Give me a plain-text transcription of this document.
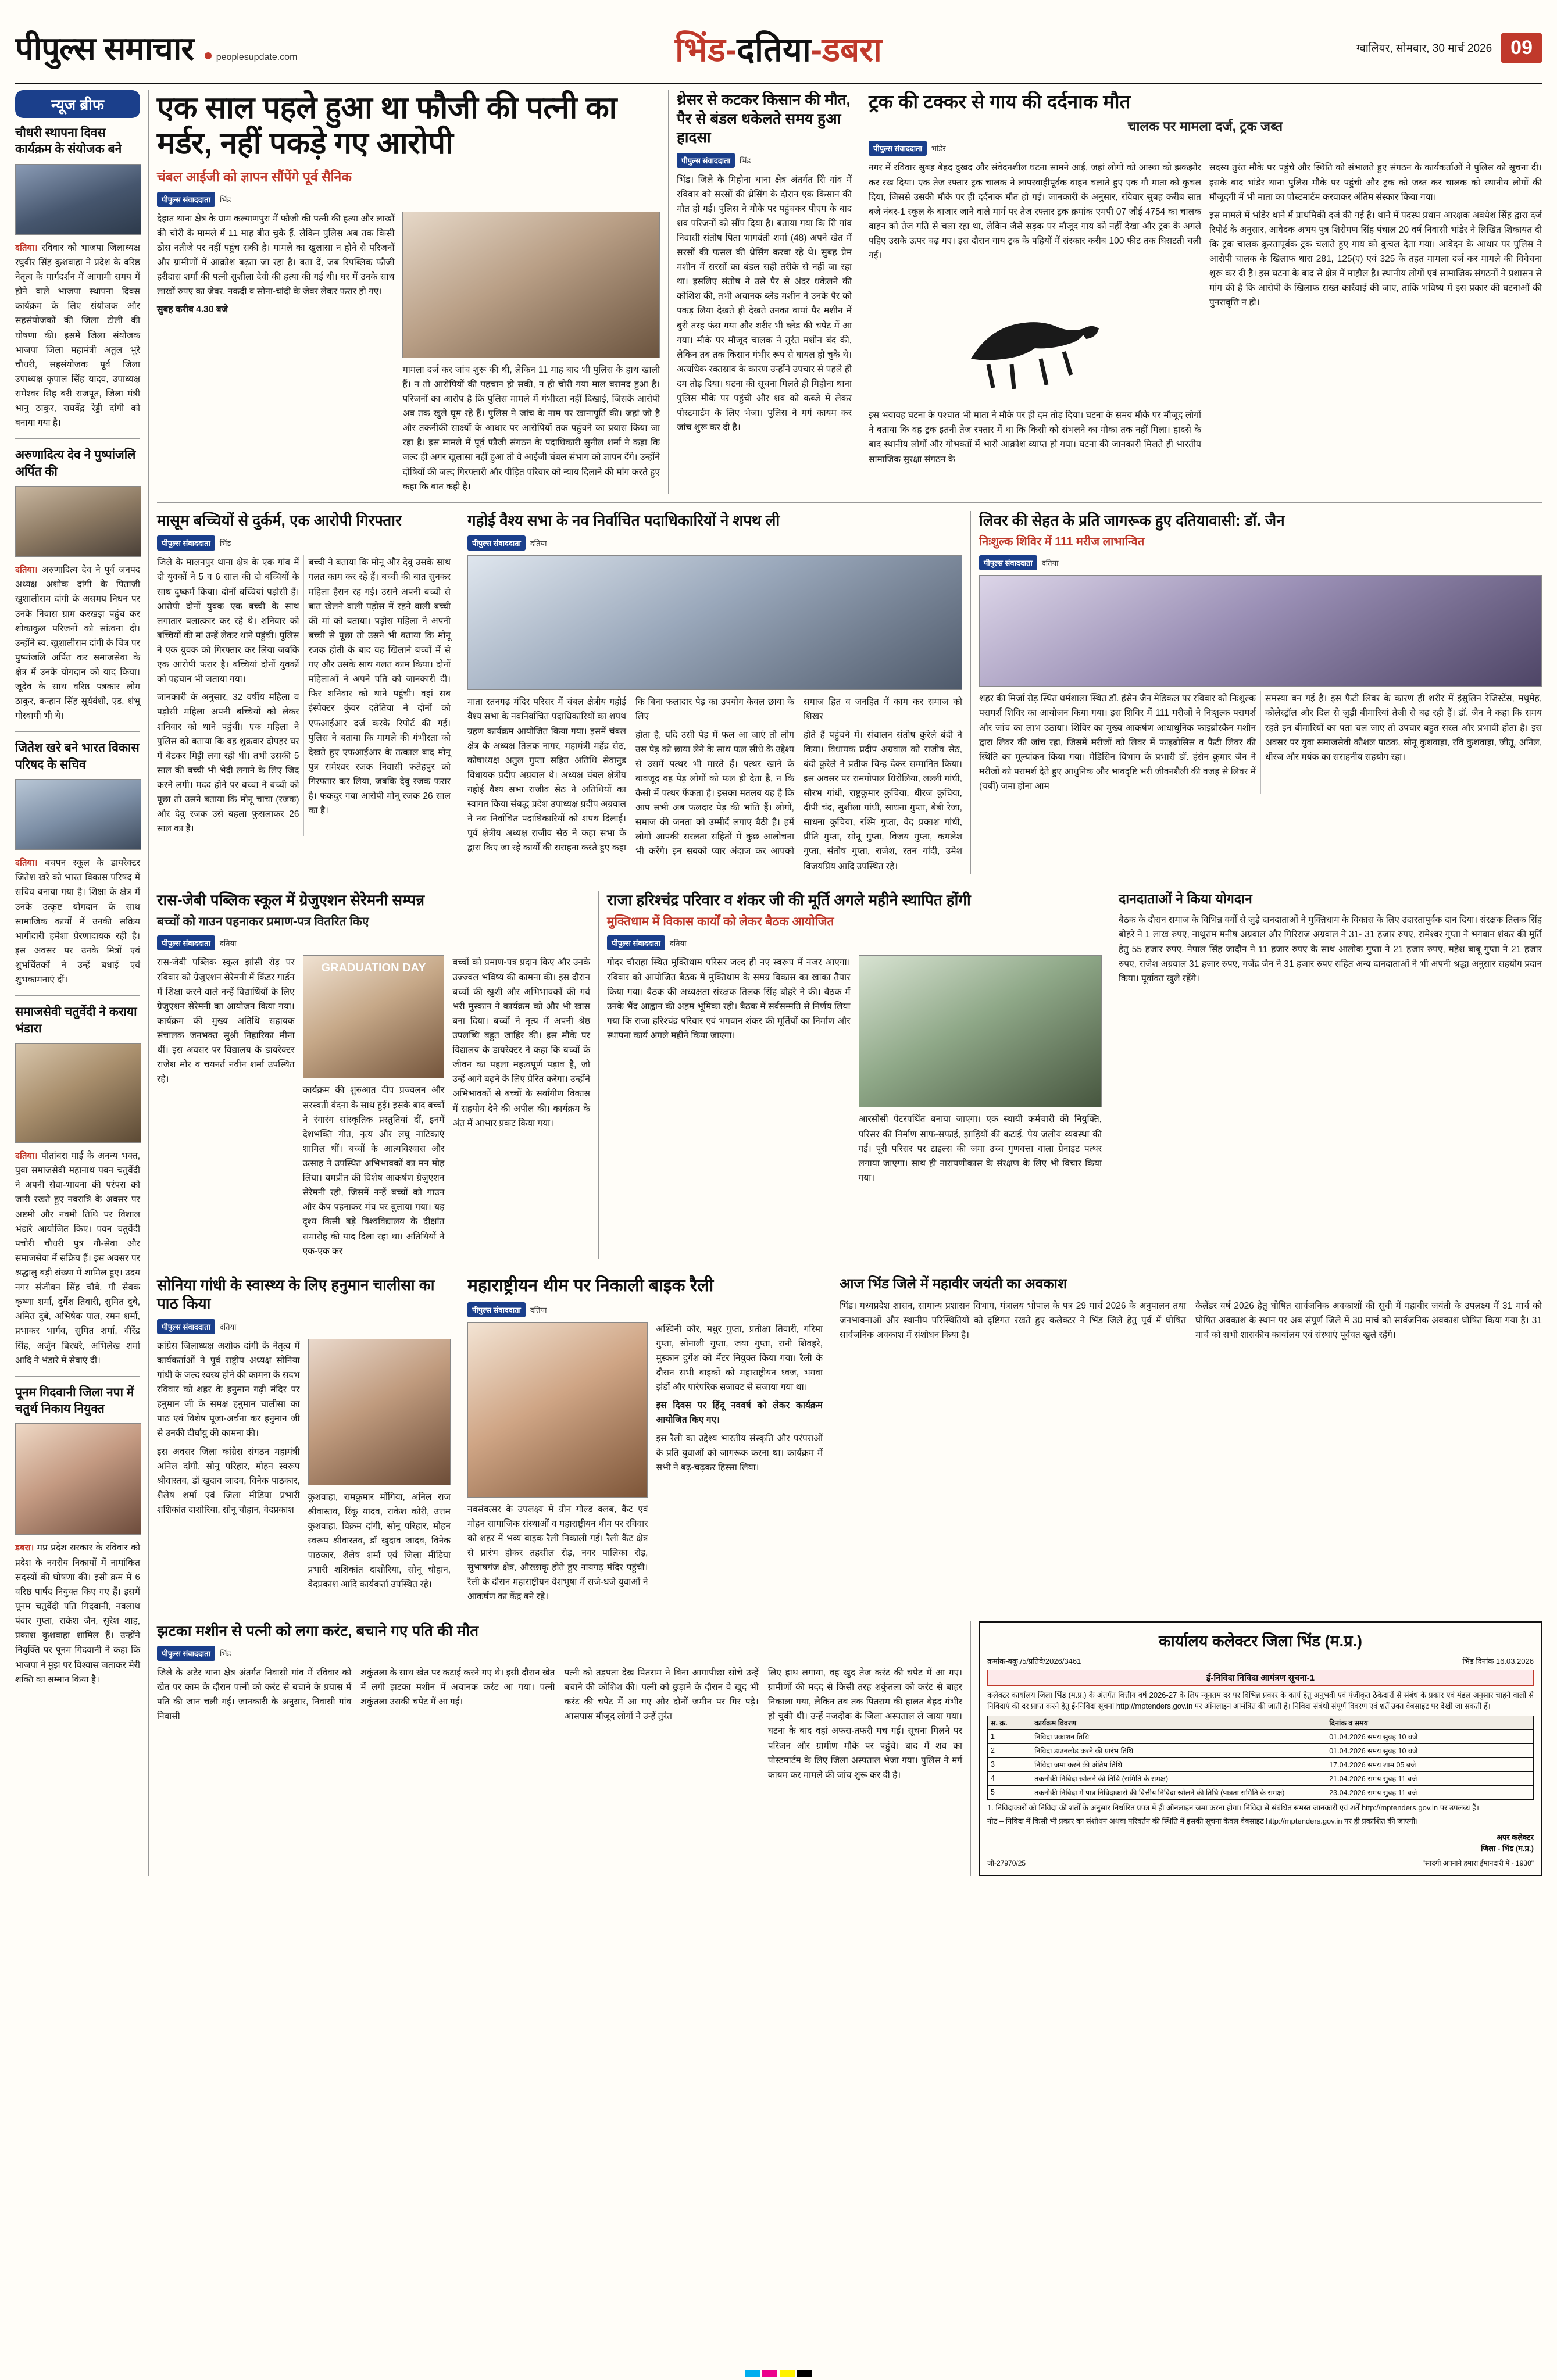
पीपुल्स समाचार peoplesupdate.com	भिंड-दतिया-डबरा	ग्वालियर, सोमवार, 30 मार्च 2026 09
न्यूज ब्रीफ
चौधरी स्थापना दिवस कार्यक्रम के संयोजक बने
दतिया। रविवार को भाजपा जिलाध्यक्ष रघुवीर सिंह कुशवाहा ने प्रदेश के वरिष्ठ नेतृत्व के मार्गदर्शन में आगामी समय में होने वाले भाजपा स्थापना दिवस कार्यक्रम के लिए संयोजक और सहसंयोजकों की जिला टोली की घोषणा की। इसमें जिला संयोजक भाजपा जिला महामंत्री अतुल भूरे चौधरी, सहसंयोजक पूर्व जिला उपाध्यक्ष कृपाल सिंह यादव, उपाध्यक्ष रामेश्वर सिंह बरी राजपूत, जिला मंत्री भानु ठाकुर, राघवेंद्र रेड्डी दांगी को बनाया गया है।
अरुणादित्य देव ने पुष्पांजलि अर्पित की
दतिया। अरुणादित्य देव ने पूर्व जनपद अध्यक्ष अशोक दांगी के पिताजी खुशालीराम दांगी के असमय निधन पर उनके निवास ग्राम करखइा पहुंच कर शोकाकुल परिजनों को सांत्वना दी। उन्होंने स्व. खुशालीराम दांगी के चित्र पर पुष्पांजलि अर्पित कर समाजसेवा के क्षेत्र में उनके योगदान को याद किया। जूदेव के साथ वरिष्ठ पत्रकार लोग ठाकुर, कन्हान सिंह सूर्यवंशी, एड. शंभू गोस्वामी भी थे।
जितेश खरे बने भारत विकास परिषद के सचिव
दतिया। बचपन स्कूल के डायरेक्टर जितेश खरे को भारत विकास परिषद में सचिव बनाया गया है। शिक्षा के क्षेत्र में उनके उत्कृष्ट योगदान के साथ सामाजिक कार्यों में उनकी सक्रिय भागीदारी हमेशा प्रेरणादायक रही है। इस अवसर पर उनके मित्रों एवं शुभचिंतकों ने उन्हें बधाई एवं शुभकामनाएं दीं।
समाजसेवी चतुर्वेदी ने कराया भंडारा
दतिया। पीतांबरा माई के अनन्य भक्त, युवा समाजसेवी महानाथ पवन चतुर्वेदी ने अपनी सेवा-भावना की परंपरा को जारी रखते हुए नवरात्रि के अवसर पर अष्टमी और नवमी तिथि पर विशाल भंडारे आयोजित किए। पवन चतुर्वेदी पचोरी चौधरी पुत्र गौ-सेवा और समाजसेवा में सक्रिय हैं। इस अवसर पर श्रद्धालु बड़ी संख्या में शामिल हुए। उदय नगर संजीवन सिंह चौबे, गौ सेवक कृष्णा शर्मा, दुर्गेश तिवारी, सुमित दुबे, अमित दुबे, अभिषेक पाल, रमन शर्मा, प्रभाकर भार्गव, सुमित शर्मा, वीरेंद्र सिंह, अर्जुन बिरथरे, अभिलेख शर्मा आदि ने भंडारे में सेवाएं दीं।
पूनम गिदवानी जिला नपा में चतुर्थ निकाय नियुक्त
डबरा। मप्र प्रदेश सरकार के रविवार को प्रदेश के नगरीय निकायों में नामांकित सदस्यों की घोषणा की। इसी क्रम में 6 वरिष्ठ पार्षद नियुक्त किए गए हैं। इसमें पूनम चतुर्वेदी पति गिदवानी, नवलाथ पंवार गुप्ता, राकेश जैन, सुरेश शाह, प्रकाश कुशवाहा शामिल हैं। उन्होंने नियुक्ति पर पूनम गिदवानी ने कहा कि भाजपा ने मुझ पर विश्वास जताकर मेरी शक्ति का सम्मान किया है।
एक साल पहले हुआ था फौजी की पत्नी का मर्डर, नहीं पकड़े गए आरोपी
चंबल आईजी को ज्ञापन सौंपेंगे पूर्व सैनिक
पीपुल्स संवाददाता	भिंड
देहात थाना क्षेत्र के ग्राम कल्याणपुरा में फौजी की पत्नी की हत्या और लाखों की चोरी के मामले में 11 माह बीत चुके हैं, लेकिन पुलिस अब तक किसी ठोस नतीजे पर नहीं पहुंच सकी है। मामले का खुलासा न होने से परिजनों और ग्रामीणों में आक्रोश बढ़ता जा रहा है। बता दें, जब रिपब्लिक फौजी हरीदास शर्मा की पत्नी सुशीला देवी की हत्या की गई थी। घर में उनके साथ लाखों रुपए का जेवर, नकदी व सोना-चांदी के जेवर लेकर फरार हो गए।
सुबह करीब 4.30 बजे
मामला दर्ज कर जांच शुरू की थी, लेकिन 11 माह बाद भी पुलिस के हाथ खाली हैं। न तो आरोपियों की पहचान हो सकी, न ही चोरी गया माल बरामद हुआ है। परिजनों का आरोप है कि पुलिस मामले में गंभीरता नहीं दिखाई, जिसके आरोपी अब तक खुले घूम रहे हैं। पुलिस ने जांच के नाम पर खानापूर्ति की। जहां जो है और तकनीकी साक्ष्यों के आधार पर आरोपियों तक पहुंचने का प्रयास किया जा रहा है। इस मामले में पूर्व फौजी संगठन के पदाधिकारी सुनील शर्मा ने कहा कि जल्द ही अगर खुलासा नहीं हुआ तो वे आईजी चंबल संभाग को ज्ञापन देंगे। उन्होंने दोषियों की जल्द गिरफ्तारी और पीड़ित परिवार को न्याय दिलाने की मांग करते हुए कहा कि बात कही है।
थ्रेसर से कटकर किसान की मौत, पैर से बंडल धकेलते समय हुआ हादसा
पीपुल्स संवाददाता	भिंड
भिंड। जिले के मिहोना थाना क्षेत्र अंतर्गत रिी गांव में रविवार को सरसों की थ्रेसिंग के दौरान एक किसान की मौत हो गई। पुलिस ने मौके पर पहुंचकर पीएम के बाद शव परिजनों को सौंप दिया है। बताया गया कि रिी गांव निवासी संतोष पिता भागवंती शर्मा (48) अपने खेत में सरसों की फसल की थ्रेसिंग करवा रहे थे। सुबह प्रेम मशीन में सरसों का बंडल सही तरीके से नहीं जा रहा था। इसलिए संतोष ने उसे पैर से अंदर धकेलने की कोशिश की, तभी अचानक ब्लेड मशीन ने उनके पैर को पकड़ लिया देखते ही देखते उनका बायां पैर मशीन में बुरी तरह फंस गया और शरीर भी ब्लेड की चपेट में आ गया। मौके पर मौजूद चालक ने तुरंत मशीन बंद की, लेकिन तब तक किसान गंभीर रूप से घायल हो चुके थे। अत्यधिक रक्तस्राव के कारण उन्होंने उपचार से पहले ही दम तोड़ दिया। घटना की सूचना मिलते ही मिहोना थाना पुलिस मौके पर पहुंची और शव को कब्जे में लेकर पोस्टमार्टम के लिए भेजा। पुलिस ने मर्ग कायम कर जांच शुरू कर दी है।
ट्रक की टक्कर से गाय की दर्दनाक मौत
चालक पर मामला दर्ज, ट्रक जब्त
पीपुल्स संवाददाता	भांडेर
नगर में रविवार सुबह बेहद दुखद और संवेदनशील घटना सामने आई, जहां लोगों को आस्था को झकझोर कर रख दिया। एक तेज रफ्तार ट्रक चालक ने लापरवाहीपूर्वक वाहन चलाते हुए एक गौ माता को कुचल दिया, जिससे उसकी मौके पर ही दर्दनाक मौत हो गई। जानकारी के अनुसार, रविवार सुबह करीब सात बजे नंबर-1 स्कूल के बाजार जाने वाले मार्ग पर तेज रफ्तार ट्रक क्रमांक एमपी 07 जीई 4754 का चालक वाहन को तेज गति से चला रहा था, लेकिन जैसे सड़क पर मौजूद गाय को नहीं देखा और ट्रक के अगले पहिए उसके ऊपर चढ़ गए। इस दौरान गाय ट्रक के पहियों में संस्कार करीब 100 फीट तक घिसटती चली गई।
इस भयावह घटना के पश्चात भी माता ने मौके पर ही दम तोड़ दिया। घटना के समय मौके पर मौजूद लोगों ने बताया कि वह ट्रक इतनी तेज रफ्तार में था कि किसी को संभलने का मौका तक नहीं मिला। हादसे के बाद स्थानीय लोगों और गोभक्तों में भारी आक्रोश व्याप्त हो गया। घटना की जानकारी मिलते ही भारतीय सामाजिक सुरक्षा संगठन के
सदस्य तुरंत मौके पर पहुंचे और स्थिति को संभालते हुए संगठन के कार्यकर्ताओं ने पुलिस को सूचना दी। इसके बाद भांडेर थाना पुलिस मौके पर पहुंची और ट्रक को जब्त कर चालक को स्थानीय लोगों की मौजूदगी में भी माता का पोस्टमार्टम करवाकर अंतिम संस्कार किया गया।
इस मामले में भांडेर थाने में प्राथमिकी दर्ज की गई है। थाने में पदस्थ प्रधान आरक्षक अवधेश सिंह द्वारा दर्ज रिपोर्ट के अनुसार, आवेदक अभय पुत्र शिरोमण सिंह पंचाल 20 वर्ष निवासी भांडेर ने लिखित शिकायत दी कि ट्रक चालक क्रूरतापूर्वक ट्रक चलाते हुए गाय को कुचल देता गया। आवेदन के आधार पर पुलिस ने आरोपी चालक के खिलाफ धारा 281, 125(ए) एवं 325 के तहत मामला दर्ज कर मामले की विवेचना शुरू कर दी है। इस घटना के बाद से क्षेत्र में माहौल है। स्थानीय लोगों एवं सामाजिक संगठनों ने प्रशासन से मांग की है कि आरोपी के खिलाफ सख्त कार्रवाई की जाए, ताकि भविष्य में इस प्रकार की घटनाओं की पुनरावृत्ति न हो।
मासूम बच्चियों से दुर्कर्म, एक आरोपी गिरफ्तार
पीपुल्स संवाददाता	भिंड
जिले के मालनपुर थाना क्षेत्र के एक गांव में दो युवकों ने 5 व 6 साल की दो बच्चियों के साथ दुष्कर्म किया। दोनों बच्चियां पड़ोसी हैं। आरोपी दोनों युवक एक बच्ची के साथ लगातार बलात्कार कर रहे थे। शनिवार को बच्चियों की मां उन्हें लेकर थाने पहुंची। पुलिस ने एक युवक को गिरफ्तार कर लिया जबकि एक आरोपी फरार है। बच्चियां दोनों युवकों को पहचान भी जताया गया।
जानकारी के अनुसार, 32 वर्षीय महिला व पड़ोसी महिला अपनी बच्चियों को लेकर शनिवार को थाने पहुंची। एक महिला ने पुलिस को बताया कि वह शुक्रवार दोपहर घर में बेटकर मिट्टी लगा रही थी। तभी उसकी 5 साल की बच्ची भी भेदी लगाने के लिए जिद करने लगी। मदद होने पर बच्चा ने बच्ची को पूछा तो उसने बताया कि मोनू चाचा (रजक) और देवु रजक उसे बहला फुसलाकर 26 साल का है।
बच्ची ने बताया कि मोनू और देवु उसके साथ गलत काम कर रहे हैं। बच्ची की बात सुनकर महिला हैरान रह गई। उसने अपनी बच्ची से बात खेलने वाली पड़ोस में रहने वाली बच्ची की मां को बताया। पड़ोस महिला ने अपनी बच्ची से पूछा तो उसने भी बताया कि मोनू रजक होती के बाद वह खिलाने बच्चों में से गए और उसके साथ गलत काम किया। दोनों महिलाओं ने अपने पति को जानकारी दी। फिर शनिवार को थाने पहुंची। वहां सब इंस्पेक्टर कुंवर दतेतिया ने दोनों को एफआईआर दर्ज करके रिपोर्ट की गई। पुलिस ने बताया कि मामले की गंभीरता को देखते हुए एफआईआर के तत्काल बाद मोनू पुत्र रामेश्वर रजक निवासी फतेहपुर को गिरफ्तार कर लिया, जबकि देवु रजक फरार है। फकदुर गया आरोपी मोनू रजक 26 साल का है।
गहोई वैश्य सभा के नव निर्वाचित पदाधिकारियों ने शपथ ली
पीपुल्स संवाददाता	दतिया
माता रतनगढ़ मंदिर परिसर में चंबल क्षेत्रीय गहोई वैश्य सभा के नवनिर्वाचित पदाधिकारियों का शपथ ग्रहण कार्यक्रम आयोजित किया गया। इसमें चंबल क्षेत्र के अध्यक्ष तिलक नागर, महामंत्री महेंद्र सेठ, कोषाध्यक्ष अतुल गुप्ता सहित अतिथि सेवानुड विधायक प्रदीप अग्रवाल थे। अध्यक्ष चंबल क्षेत्रीय गहोई वैश्य सभा राजीव सेठ ने अतिथियों का स्वागत किया संबद्ध प्रदेश उपाध्यक्ष प्रदीप अग्रवाल ने नव निर्वाचित पदाधिकारियों को शपथ दिलाई। पूर्व क्षेत्रीय अध्यक्ष राजीव सेठ ने कहा सभा के द्वारा किए जा रहे कार्यों की सराहना करते हुए कहा कि बिना फलादार पेड़ का उपयोग केवल छाया के लिए
होता है, यदि उसी पेड़ में फल आ जाएं तो लोग उस पेड़ को छाया लेने के साथ फल सीधे के उद्देश्य से उसमें पत्थर भी मारते हैं। पत्थर खाने के बावजूद वह पेड़ लोगों को फल ही देता है, न कि कैसी में पत्थर फेंकता है। इसका मतलब यह है कि आप सभी अब फलदार पेड़ की भांति हैं। लोगों, समाज की जनता को उम्मीदें लगाए बैठी है। हमें लोगों आपकी सरलता सहितों में कुछ आलोचना भी करेंगे। इन सबको प्यार अंदाज कर आपको समाज हित व जनहित में काम कर समाज को शिखर
होते हैं पहुंचने में। संचालन संतोष कुरेले बंदी ने किया। विधायक प्रदीप अग्रवाल को राजीव सेठ, बंदी कुरेले ने प्रतीक चिन्ह देकर सम्मानित किया। इस अवसर पर रामगोपाल धिरोलिया, लल्ली गांधी, सौरभ गांधी, राष्ट्रकुमार कुचिया, धीरज कुचिया, दीपी चंद, सुशीला गांधी, साधना गुप्ता, बेबी रेजा, साधना कुचिया, रश्मि गुप्ता, वेद प्रकाश गांधी, प्रीति गुप्ता, सोनू गुप्ता, विजय गुप्ता, कमलेश गुप्ता, संतोष गुप्ता, राजेश, रतन गांदी, उमेश विजयप्रिय आदि उपस्थित रहे।
लिवर की सेहत के प्रति जागरूक हुए दतियावासी: डॉ. जैन
निःशुल्क शिविर में 111 मरीज लाभान्वित
पीपुल्स संवाददाता	दतिया
शहर की मिर्जा रोड़ स्थित धर्मशाला स्थित डॉ. हंसेन जैन मेडिकल पर रविवार को निःशुल्क परामर्श शिविर का आयोजन किया गया। इस शिविर में 111 मरीजों ने निःशुल्क परामर्श और जांच का लाभ उठाया। शिविर का मुख्य आकर्षण आधाधुनिक फाइब्रोस्कैन मशीन द्वारा लिवर की जांच रहा, जिसमें मरीजों को लिवर में फाइब्रोसिस व फैटी लिवर की स्थिति का मूल्यांकन किया गया। मेडिसिन विभाग के प्रभारी डॉ. हंसेन कुमार जैन ने मरीजों को परामर्श देते हुए आधुनिक और भावदृष्टि भरी जीवनशैली की वजह से लिवर में (चर्बी) जमा होना आम
समस्या बन गई है। इस फैटी लिवर के कारण ही शरीर में इंसुलिन रेजिस्टेंस, मधुमेह, कोलेस्ट्रॉल और दिल से जुड़ी बीमारियां तेजी से बढ़ रही हैं। डॉ. जैन ने कहा कि समय रहते इन बीमारियों का पता चल जाए तो उपचार बहुत सरल और प्रभावी होता है। इस अवसर पर युवा समाजसेवी कौशल पाठक, सोनू कुशवाहा, रवि कुशवाहा, जीतू, अनिल, धीरज और मयंक का सराहनीय सहयोग रहा।
रास-जेबी पब्लिक स्कूल में ग्रेजुएशन सेरेमनी सम्पन्न
बच्चों को गाउन पहनाकर प्रमाण-पत्र वितरित किए
पीपुल्स संवाददाता	दतिया
रास-जेबी पब्लिक स्कूल झांसी रोड़ पर रविवार को ग्रेजुएशन सेरेमनी में किंडर गार्डन में शिक्षा करने वाले नन्हें विद्यार्थियों के लिए ग्रेजुएशन सेरेमनी का आयोजन किया गया। कार्यक्रम की मुख्य अतिथि सहायक संचालक जनभक्त सुश्री निहारिका मीना थीं। इस अवसर पर विद्यालय के डायरेक्टर राजेश मोर व चयनर्त नवीन शर्मा उपस्थित रहे।
GRADUATION DAY
कार्यक्रम की शुरुआत दीप प्रज्वलन और सरस्वती वंदना के साथ हुई। इसके बाद बच्चों ने रंगारंग सांस्कृतिक प्रस्तुतियां दीं, इनमें देशभक्ति गीत, नृत्य और लघु नाटिकाएं शामिल थीं। बच्चों के आत्मविश्वास और उत्साह ने उपस्थित अभिभावकों का मन मोह लिया। यमप्रीत की विशेष आकर्षण ग्रेजुएशन सेरेमनी रही, जिसमें नन्हें बच्चों को गाउन और कैप पहनाकर मंच पर बुलाया गया। यह दृश्य किसी बड़े विश्वविद्यालय के दीक्षांत समारोह की याद दिला रहा था। अतिथियों ने एक-एक कर
बच्चों को प्रमाण-पत्र प्रदान किए और उनके उज्ज्वल भविष्य की कामना की। इस दौरान बच्चों की खुशी और अभिभावकों की गर्व भरी मुस्कान ने कार्यक्रम को और भी खास बना दिया। बच्चों ने नृत्य में अपनी श्रेष्ठ उपलब्धि बहुत जाहिर की। इस मौके पर विद्यालय के डायरेक्टर ने कहा कि बच्चों के जीवन का पहला महत्वपूर्ण पड़ाव है, जो उन्हें आगे बढ़ने के लिए प्रेरित करेगा। उन्होंने अभिभावकों से बच्चों के सर्वांगीण विकास में सहयोग देने की अपील की। कार्यक्रम के अंत में आभार प्रकट किया गया।
राजा हरिश्चंद्र परिवार व शंकर जी की मूर्ति अगले महीने स्थापित होंगी
मुक्तिधाम में विकास कार्यों को लेकर बैठक आयोजित
पीपुल्स संवाददाता	दतिया
गोदर चौराहा स्थित मुक्तिधाम परिसर जल्द ही नए स्वरूप में नजर आएगा। रविवार को आयोजित बैठक में मुक्तिधाम के समग्र विकास का खाका तैयार किया गया। बैठक की अध्यक्षता संरक्षक तिलक सिंह बोहरे ने की। बैठक में उनके भैंद आह्वान की अहम भूमिका रही। बैठक में सर्वसम्मति से निर्णय लिया गया कि राजा हरिश्चंद्र परिवार एवं भगवान शंकर की मूर्तियों का निर्माण और स्थापना कार्य अगले महीने किया जाएगा।
आरसीसी पेटरपथिंत बनाया जाएगा। एक स्थायी कर्मचारी की नियुक्ति, परिसर की निर्माण साफ-सफाई, झाड़ियों की कटाई, पेय जलीय व्यवस्था की गई। पूरी परिसर पर टाइल्स की जमा उच्च गुणवत्ता वाला ग्रेनाइट पत्थर लगाया जाएगा। साथ ही नारायणीकास के संरक्षण के लिए भी विचार किया गया।
दानदाताओं ने किया योगदान
बैठक के दौरान समाज के विभिन्न वर्गों से जुड़े दानदाताओं ने मुक्तिधाम के विकास के लिए उदारतापूर्वक दान दिया। संरक्षक तिलक सिंह बोहरे ने 1 लाख रुपए, नाथूराम मनीष अग्रवाल और गिरिराज अग्रवाल ने 31- 31 हजार रुपए, रामेश्वर गुप्ता ने भगवान शंकर की मूर्ति हेतु 55 हजार रुपए, नेपाल सिंह जादौन ने 11 हजार रुपए के साथ आलोक गुप्ता ने 21 हजार रुपए, महेश बाबू गुप्ता ने 21 हजार रुपए, राजेश अग्रवाल 31 हजार रुपए, गजेंद्र जैन ने 31 हजार रुपए सहित अन्य दानदाताओं ने भी अपनी श्रद्धा अनुसार सहयोग प्रदान किया। पूर्वावत खुले रहेंगे।
सोनिया गांधी के स्वास्थ्य के लिए हनुमान चालीसा का पाठ किया
पीपुल्स संवाददाता	दतिया
कांग्रेस जिलाध्यक्ष अशोक दांगी के नेतृत्व में कार्यकर्ताओं ने पूर्व राष्ट्रीय अध्यक्ष सोनिया गांधी के जल्द स्वस्थ होने की कामना के सदभ रविवार को शहर के हनुमान गढ़ी मंदिर पर हनुमान जी के समक्ष हनुमान चालीसा का पाठ एवं विशेष पूजा-अर्चना कर हनुमान जी से उनकी दीर्घायु की कामना की।
इस अवसर जिला कांग्रेस संगठन महामंत्री अनिल दांगी, सोनू परिहार, मोहन स्वरूप श्रीवास्तव, डॉ खुदाव जादव, विनेक पाठकार, शैलेष शर्मा एवं जिला मीडिया प्रभारी शशिकांत दाशोरिया, सोनू चौहान, वेदप्रकाश
कुशवाहा, रामकुमार मोंगिया, अनिल राज श्रीवास्तव, रिंकू यादव, राकेश कोरी, उत्तम कुशवाहा, विक्रम दांगी, सोनू परिहार, मोहन स्वरूप श्रीवास्तव, डॉ खुदाव जादव, विनेक पाठकार, शैलेष शर्मा एवं जिला मीडिया प्रभारी शशिकांत दाशोरिया, सोनू चौहान, वेदप्रकाश आदि कार्यकर्ता उपस्थित रहे।
महाराष्ट्रीयन थीम पर निकाली बाइक रैली
पीपुल्स संवाददाता	दतिया
नवसंवत्सर के उपलक्ष्य में ग्रीन गोल्ड क्लब, कैंट एवं मोहन सामाजिक संस्थाओं व महाराष्ट्रीयन थीम पर रविवार को शहर में भव्य बाइक रैली निकाली गई। रैली कैंट क्षेत्र से प्रारंभ होकर तहसील रोड़, नगर पालिका रोड़, सुभाषगंज क्षेत्र, औरछाकृ होते हुए नायगढ़ मंदिर पहुंची। रैली के दौरान महाराष्ट्रीयन वेशभूषा में सजे-धजे युवाओं ने आकर्षण का केंद्र बने रहे।
अश्विनी कौर, मधुर गुप्ता, प्रतीक्षा तिवारी, गरिमा गुप्ता, सोनाली गुप्ता, जया गुप्ता, रानी शिवहरे, मुस्कान दुर्गेश को मेंटर नियुक्त किया गया। रैली के दौरान सभी बाइकों को महाराष्ट्रीयन ध्वज, भगवा झंडों और पारंपरिक सजावट से सजाया गया था।
इस दिवस पर हिंदू नववर्ष को लेकर कार्यक्रम आयोजित किए गए।
इस रैली का उद्देश्य भारतीय संस्कृति और परंपराओं के प्रति युवाओं को जागरूक करना था। कार्यक्रम में सभी ने बढ़-चढ़कर हिस्सा लिया।
आज भिंड जिले में महावीर जयंती का अवकाश
भिंड। मध्यप्रदेश शासन, सामान्य प्रशासन विभाग, मंत्रालय भोपाल के पत्र 29 मार्च 2026 के अनुपालन तथा जनभावनाओं और स्थानीय परिस्थितियों को दृष्टिगत रखते हुए कलेक्टर ने भिंड जिले हेतु पूर्व में घोषित सार्वजनिक अवकाश में संशोधन किया है।
कैलेंडर वर्ष 2026 हेतु घोषित सार्वजनिक अवकाशों की सूची में महावीर जयंती के उपलक्ष्य में 31 मार्च को घोषित अवकाश के स्थान पर अब संपूर्ण जिले में 30 मार्च को सार्वजनिक अवकाश घोषित किया गया है। 31 मार्च को सभी शासकीय कार्यालय एवं संस्थाएं पूर्ववत खुले रहेंगे।
झटका मशीन से पत्नी को लगा करंट, बचाने गए पति की मौत
पीपुल्स संवाददाता	भिंड
जिले के अटेर थाना क्षेत्र अंतर्गत निवासी गांव में रविवार को खेत पर काम के दौरान पत्नी को करंट से बचाने के प्रयास में पति की जान चली गई। जानकारी के अनुसार, निवासी गांव निवासी
शकुंतला के साथ खेत पर कटाई करने गए थे। इसी दौरान खेत में लगी झटका मशीन में अचानक करंट आ गया। पत्नी शकुंतला उसकी चपेट में आ गईं।
पत्नी को तड़पता देख पितराम ने बिना आगापीछा सोचे उन्हें बचाने की कोशिश की। पत्नी को छुड़ाने के दौरान वे खुद भी करंट की चपेट में आ गए और दोनों जमीन पर गिर पड़े। आसपास मौजूद लोगों ने उन्हें तुरंत
लिए हाथ लगाया, वह खुद तेज करंट की चपेट में आ गए। ग्रामीणों की मदद से किसी तरह शकुंतला को करंट से बाहर निकाला गया, लेकिन तब तक पितराम की हालत बेहद गंभीर हो चुकी थी। उन्हें नजदीक के जिला अस्पताल ले जाया गया। घटना के बाद वहां अफरा-तफरी मच गई। सूचना मिलने पर परिजन और ग्रामीण मौके पर पहुंचे। बाद में शव का पोस्टमार्टम के लिए जिला अस्पताल भेजा गया। पुलिस ने मर्ग कायम कर मामले की जांच शुरू कर दी है।
कार्यालय कलेक्टर जिला भिंड (म.प्र.)
क्रमांक-बकू./5/प्रतिवे/2026/3461	भिंड दिनांक 16.03.2026
ई-निविदा निविदा आमंत्रण सूचना-1

कलेक्टर कार्यालय जिला भिंड (म.प्र.) के अंतर्गत वित्तीय वर्ष 2026-27 के लिए न्यूनतम दर पर विभिन्न प्रकार के कार्य हेतु अनुभवी एवं पंजीकृत ठेकेदारों से संबंध के प्रकार एवं मंडल अनुसार चाहने वालों से निविदाएं की दर प्राप्त करने हेतु ई-निविदा सूचना http://mptenders.gov.in पर ऑनलाइन आमंत्रित की जाती है। निविदा संबंधी संपूर्ण विवरण एवं शर्तें उक्त वेबसाइट पर देखी जा सकती हैं।

स. क्र.	कार्यक्रम विवरण	दिनांक व समय
1	निविदा प्रकाशन तिथि	01.04.2026 समय सुबह 10 बजे
2	निविदा डाउनलोड करने की प्रारंभ तिथि	01.04.2026 समय सुबह 10 बजे
3	निविदा जमा करने की अंतिम तिथि	17.04.2026 समय शाम 05 बजे
4	तकनीकी निविदा खोलने की तिथि (समिति के समक्ष)	21.04.2026 समय सुबह 11 बजे
5	तकनीकी निविदा में पात्र निविदाकारों की वित्तीय निविदा खोलने की तिथि (पात्रता समिति के समक्ष)	23.04.2026 समय सुबह 11 बजे

1. निविदाकारों को निविदा की शर्तों के अनुसार निर्धारित प्रपत्र में ही ऑनलाइन जमा करना होगा। निविदा से संबंधित समस्त जानकारी एवं शर्तें http://mptenders.gov.in पर उपलब्ध हैं।

नोट – निविदा में किसी भी प्रकार का संशोधन अथवा परिवर्तन की स्थिति में इसकी सूचना केवल वेबसाइट http://mptenders.gov.in पर ही प्रकाशित की जाएगी।

अपर कलेक्टर
जिला - भिंड (म.प्र.)
जी-27970/25	"सादगी अपनाने हमारा ईमानदारी में - 1930"
